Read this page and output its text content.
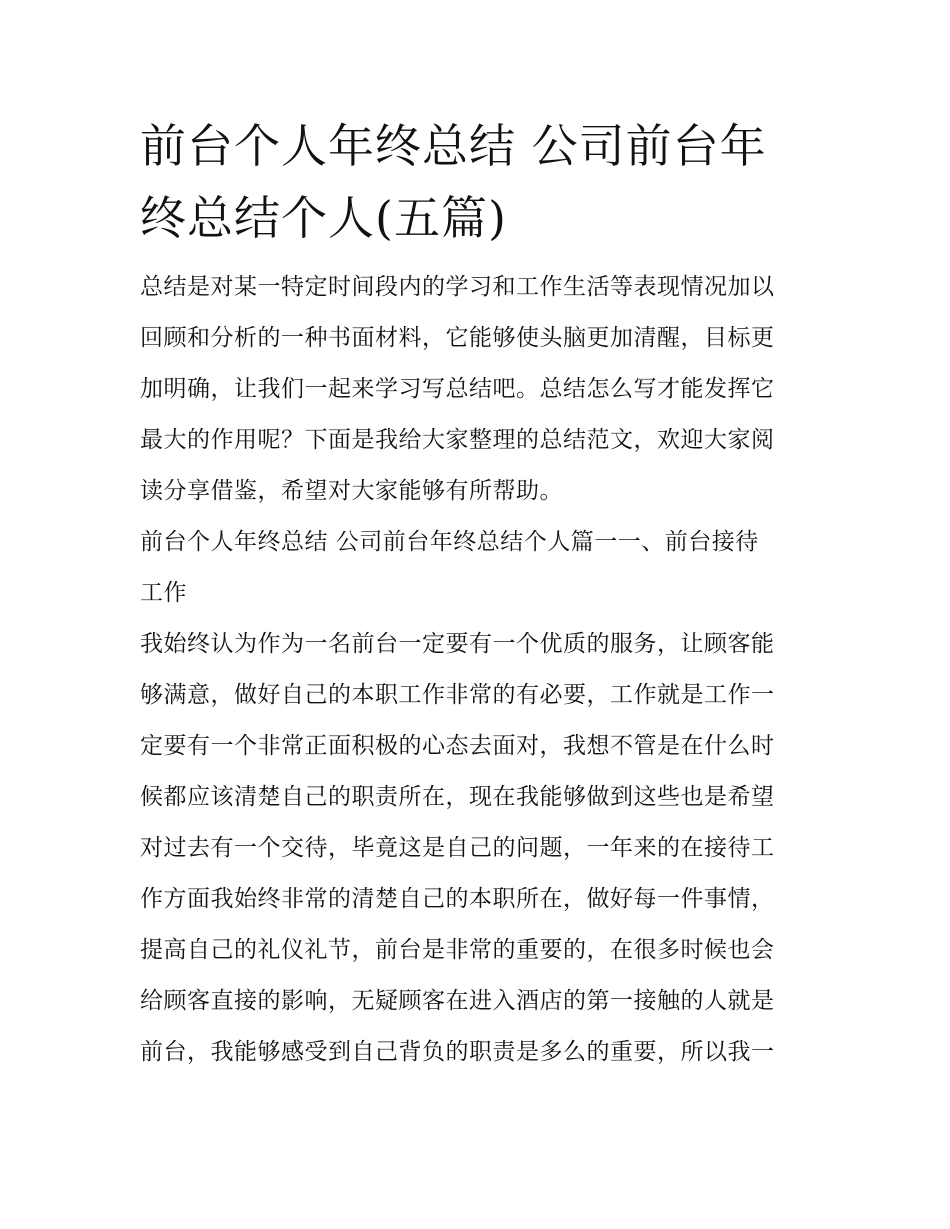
前台个人年终总结 公司前台年
终总结个人(五篇)

总结是对某一特定时间段内的学习和工作生活等表现情况加以
回顾和分析的一种书面材料，它能够使头脑更加清醒，目标更
加明确，让我们一起来学习写总结吧。总结怎么写才能发挥它
最大的作用呢？下面是我给大家整理的总结范文，欢迎大家阅
读分享借鉴，希望对大家能够有所帮助。

前台个人年终总结 公司前台年终总结个人篇一一、前台接待
工作

我始终认为作为一名前台一定要有一个优质的服务，让顾客能
够满意，做好自己的本职工作非常的有必要，工作就是工作一
定要有一个非常正面积极的心态去面对，我想不管是在什么时
候都应该清楚自己的职责所在，现在我能够做到这些也是希望
对过去有一个交待，毕竟这是自己的问题，一年来的在接待工
作方面我始终非常的清楚自己的本职所在，做好每一件事情，
提高自己的礼仪礼节，前台是非常的重要的，在很多时候也会
给顾客直接的影响，无疑顾客在进入酒店的第一接触的人就是
前台，我能够感受到自己背负的职责是多么的重要，所以我一
